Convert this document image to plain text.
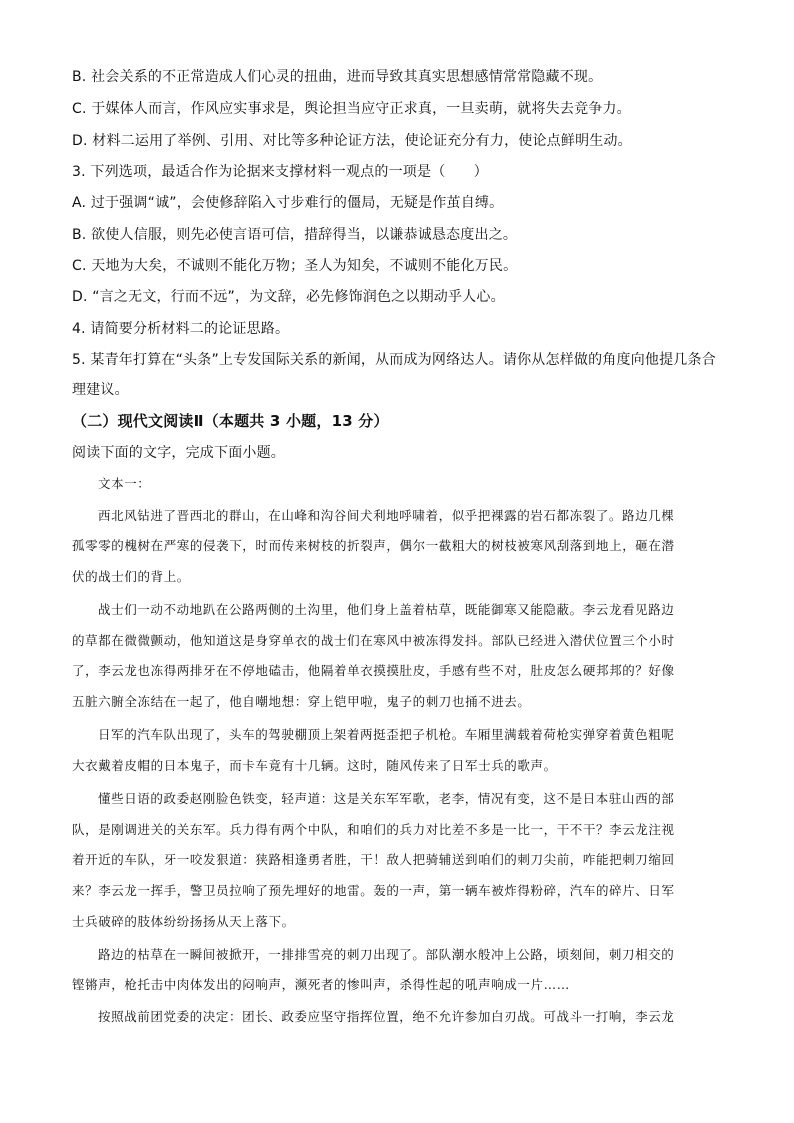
B. 社会关系的不正常造成人们心灵的扭曲，进而导致其真实思想感情常常隐藏不现。
C. 于媒体人而言，作风应实事求是，舆论担当应守正求真，一旦卖萌，就将失去竞争力。
D. 材料二运用了举例、引用、对比等多种论证方法，使论证充分有力，使论点鲜明生动。
3. 下列选项，最适合作为论据来支撑材料一观点的一项是（　　）
A. 过于强调“诚”，会使修辞陷入寸步难行的僵局，无疑是作茧自缚。
B. 欲使人信服，则先必使言语可信，措辞得当，以谦恭诚恳态度出之。
C. 天地为大矣，不诚则不能化万物；圣人为知矣，不诚则不能化万民。
D. “言之无文，行而不远”，为文辞，必先修饰润色之以期动乎人心。
4. 请简要分析材料二的论证思路。
5. 某青年打算在“头条”上专发国际关系的新闻，从而成为网络达人。请你从怎样做的角度向他提几条合
理建议。
（二）现代文阅读Ⅱ（本题共 3 小题，13 分）
阅读下面的文字，完成下面小题。
文本一：
西北风钻进了晋西北的群山，在山峰和沟谷间犬利地呼啸着，似乎把裸露的岩石都冻裂了。路边几棵
孤零零的槐树在严寒的侵袭下，时而传来树枝的折裂声，偶尔一截粗大的树枝被寒风刮落到地上，砸在潜
伏的战士们的背上。
战士们一动不动地趴在公路两侧的土沟里，他们身上盖着枯草，既能御寒又能隐蔽。李云龙看见路边
的草都在微微颤动，他知道这是身穿单衣的战士们在寒风中被冻得发抖。部队已经进入潜伏位置三个小时
了，李云龙也冻得两排牙在不停地磕击，他隔着单衣摸摸肚皮，手感有些不对，肚皮怎么硬邦邦的？好像
五脏六腑全冻结在一起了，他自嘲地想：穿上铠甲啦，鬼子的刺刀也捅不进去。
日军的汽车队出现了，头车的驾驶棚顶上架着两挺歪把子机枪。车厢里满载着荷枪实弹穿着黄色粗呢
大衣戴着皮帽的日本鬼子，而卡车竟有十几辆。这时，随风传来了日军士兵的歌声。
懂些日语的政委赵刚脸色铁变，轻声道：这是关东军军歌，老李，情况有变，这不是日本驻山西的部
队，是刚调进关的关东军。兵力得有两个中队，和咱们的兵力对比差不多是一比一，干不干？李云龙注视
着开近的车队，牙一咬发狠道：狭路相逢勇者胜，干！敌人把骑辅送到咱们的刺刀尖前，咋能把刺刀缩回
来？李云龙一挥手，警卫员拉响了预先埋好的地雷。轰的一声，第一辆车被炸得粉碎，汽车的碎片、日军
士兵破碎的肢体纷纷扬扬从天上落下。
路边的枯草在一瞬间被掀开，一排排雪亮的刺刀出现了。部队潮水般冲上公路，顷刻间，刺刀相交的
铿锵声，枪托击中肉体发出的闷响声，濒死者的惨叫声，杀得性起的吼声响成一片……
按照战前团党委的决定：团长、政委应坚守指挥位置，绝不允许参加白刃战。可战斗一打响，李云龙
